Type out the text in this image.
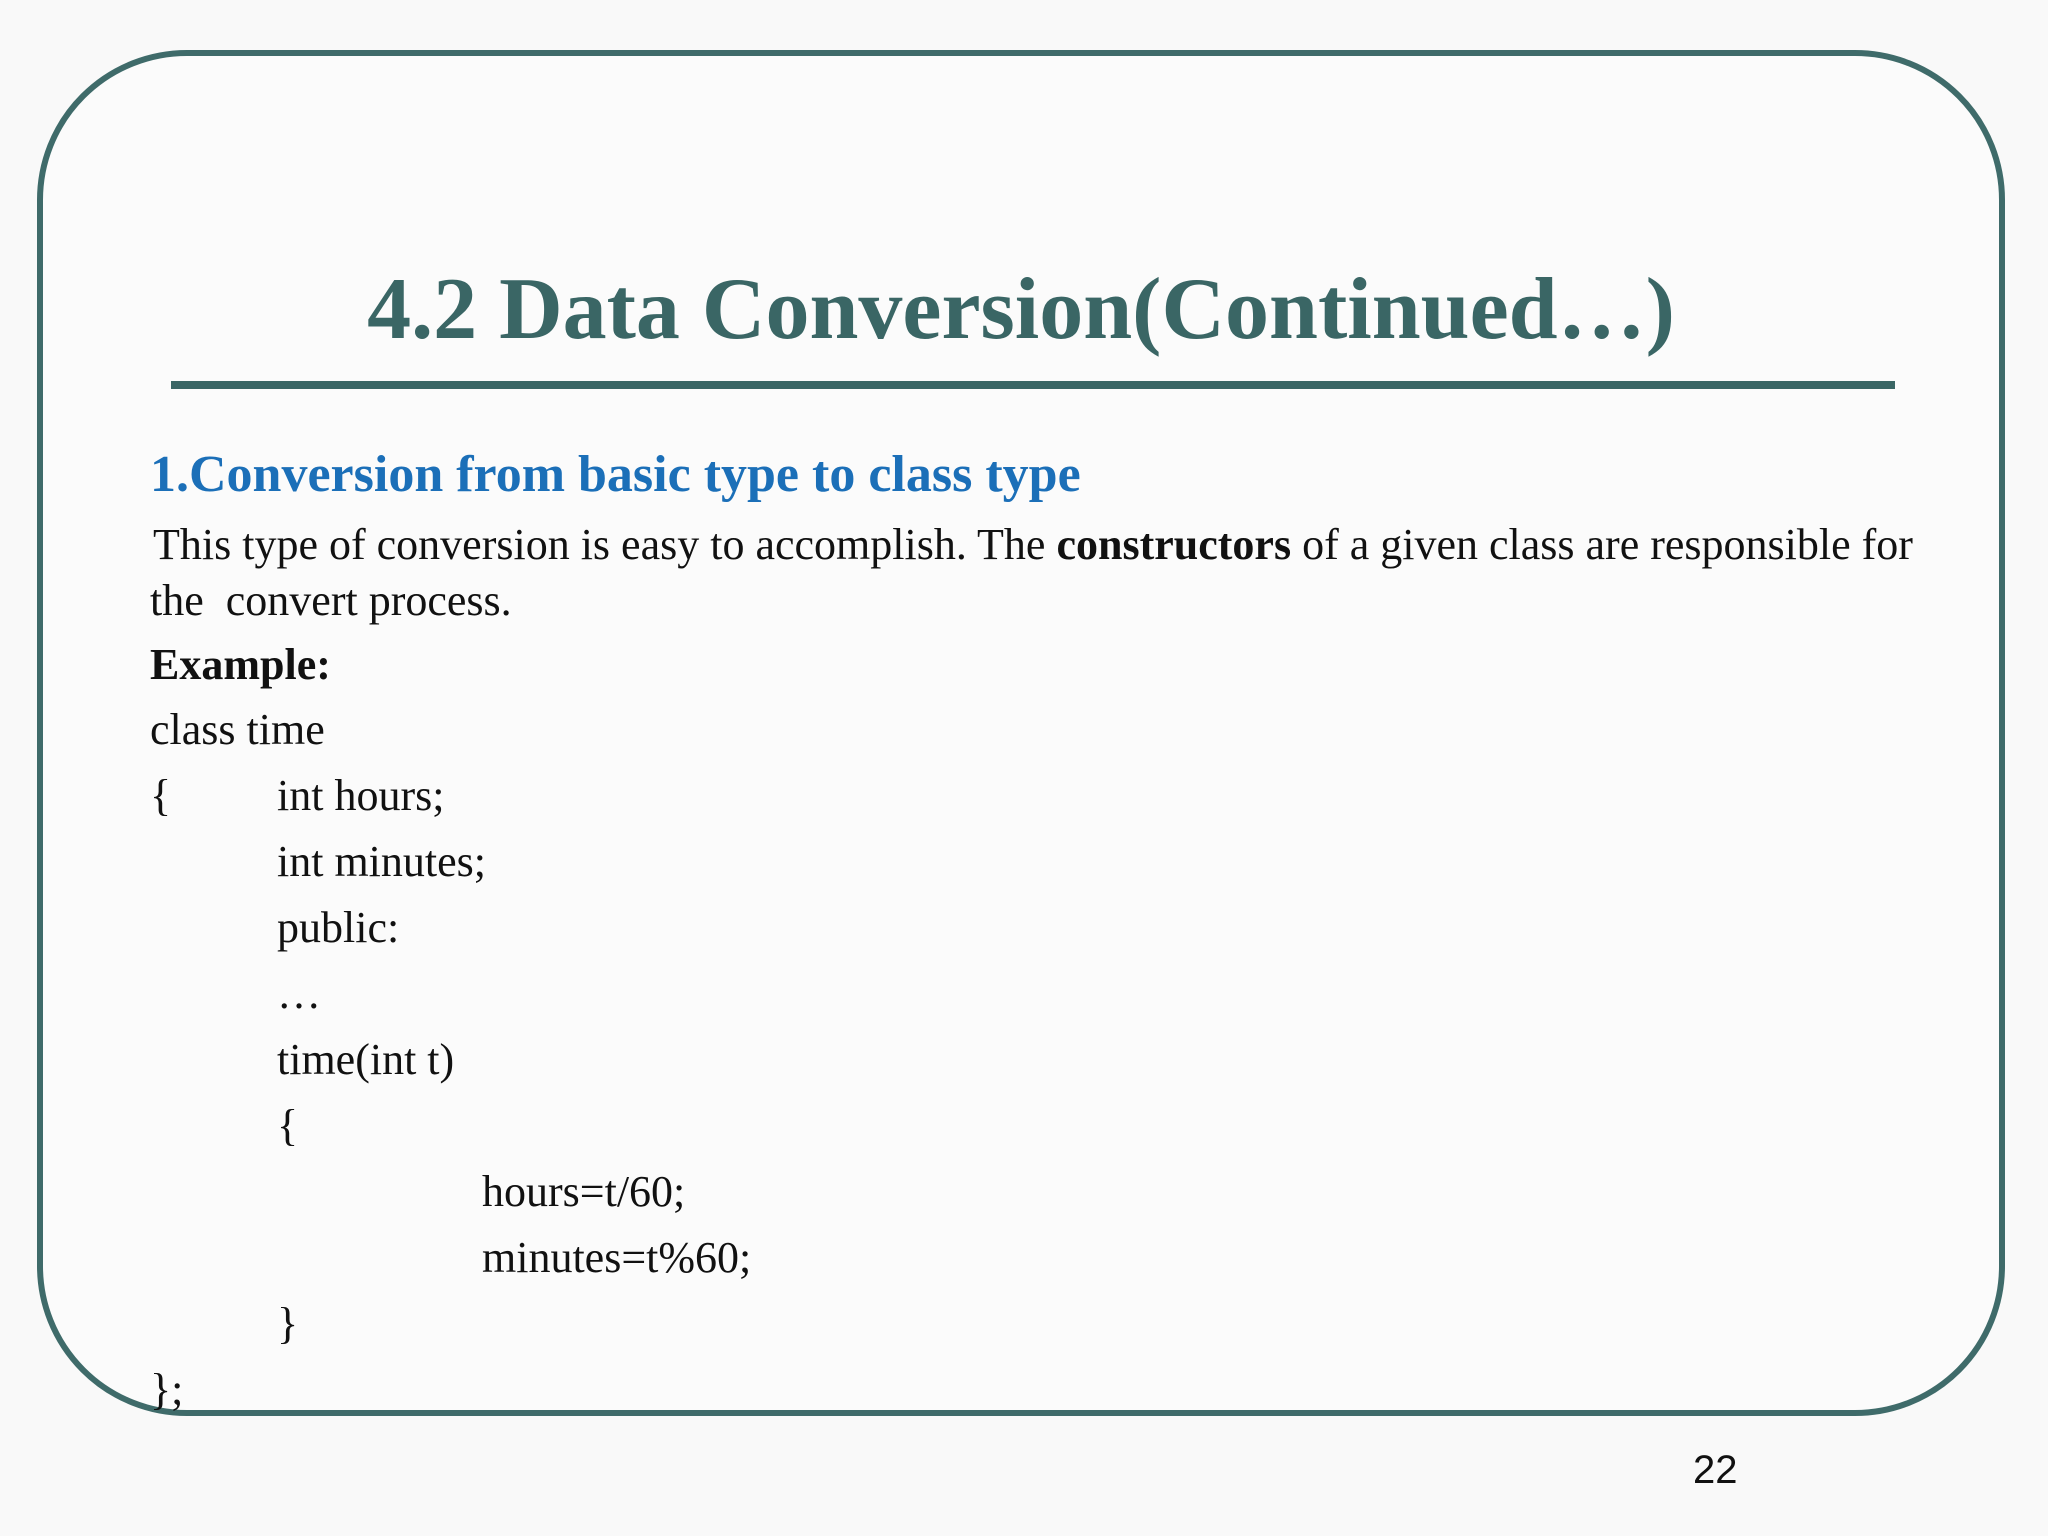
4.2 Data Conversion(Continued…)
1.Conversion from basic type to class type

This type of conversion is easy to accomplish. The constructors of a given class are responsible for
the  convert process.

Example:
class time
{ int hours;
int minutes;
public:
…
time(int t)
{
hours=t/60;
minutes=t%60;
}
};
22
